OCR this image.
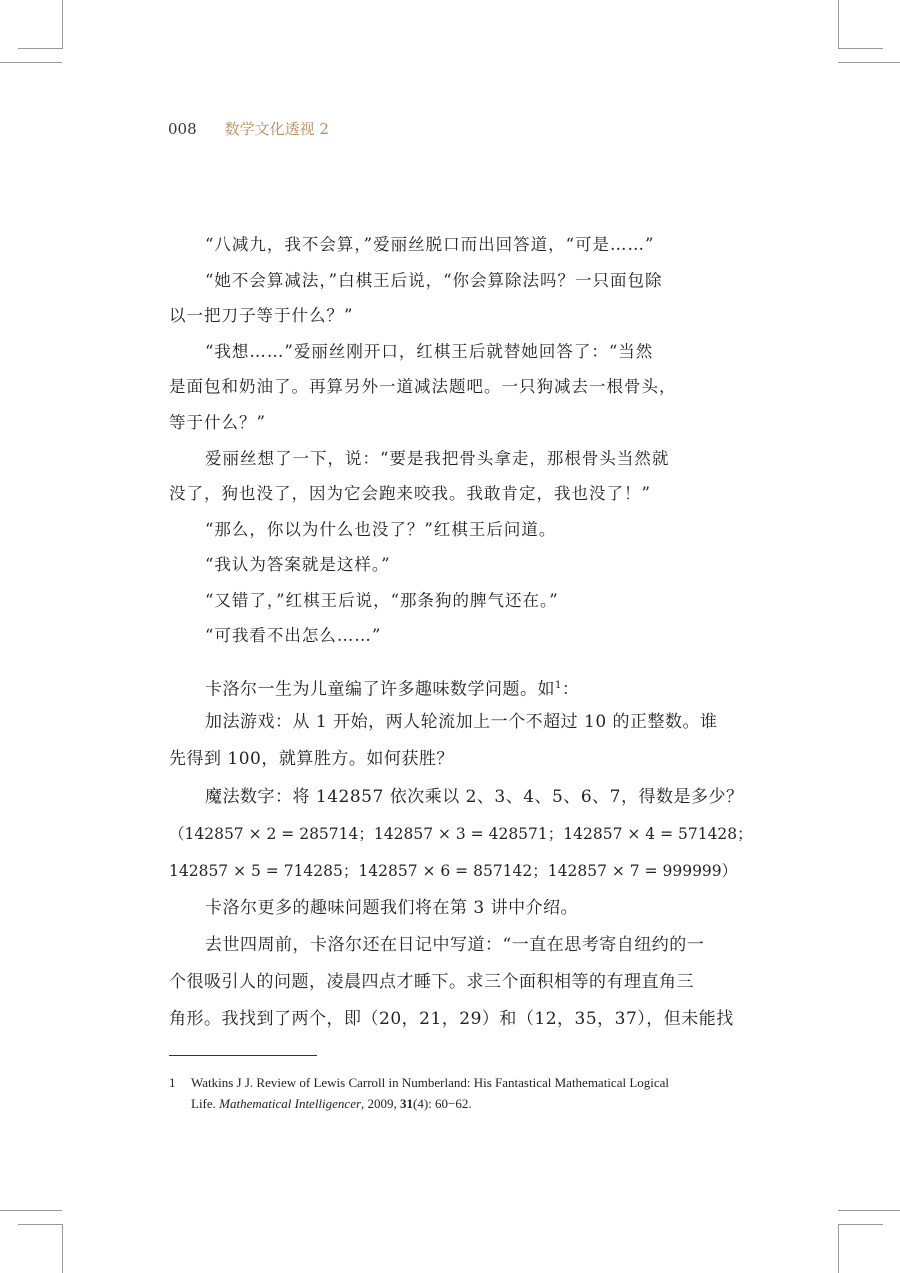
008 数学文化透视 2

“八减九，我不会算，”爱丽丝脱口而出回答道，“可是……”

“她不会算减法，”白棋王后说，“你会算除法吗？一只面包除

以一把刀子等于什么？”

“我想……”爱丽丝刚开口，红棋王后就替她回答了：“当然

是面包和奶油了。再算另外一道减法题吧。一只狗减去一根骨头，

等于什么？”

爱丽丝想了一下，说：“要是我把骨头拿走，那根骨头当然就

没了，狗也没了，因为它会跑来咬我。我敢肯定，我也没了！”

“那么，你以为什么也没了？”红棋王后问道。

“我认为答案就是这样。”

“又错了，”红棋王后说，“那条狗的脾气还在。”

“可我看不出怎么……”

卡洛尔一生为儿童编了许多趣味数学问题。如$^1$：

加法游戏：从 1 开始，两人轮流加上一个不超过 10 的正整数。谁

先得到 100，就算胜方。如何获胜？

魔法数字：将 142857 依次乘以 2、3、4、5、6、7，得数是多少？

（142857 × 2 = 285714；142857 × 3 = 428571；142857 × 4 = 571428；

142857 × 5 = 714285；142857 × 6 = 857142；142857 × 7 = 999999）

卡洛尔更多的趣味问题我们将在第 3 讲中介绍。

去世四周前，卡洛尔还在日记中写道：“一直在思考寄自纽约的一

个很吸引人的问题，凌晨四点才睡下。求三个面积相等的有理直角三

角形。我找到了两个，即（20，21，29）和（12，35，37），但未能找

1 Watkins J J. Review of Lewis Carroll in Numberland: His Fantastical Mathematical Logical
Life. Mathematical Intelligencer, 2009, 31(4): 60−62.
